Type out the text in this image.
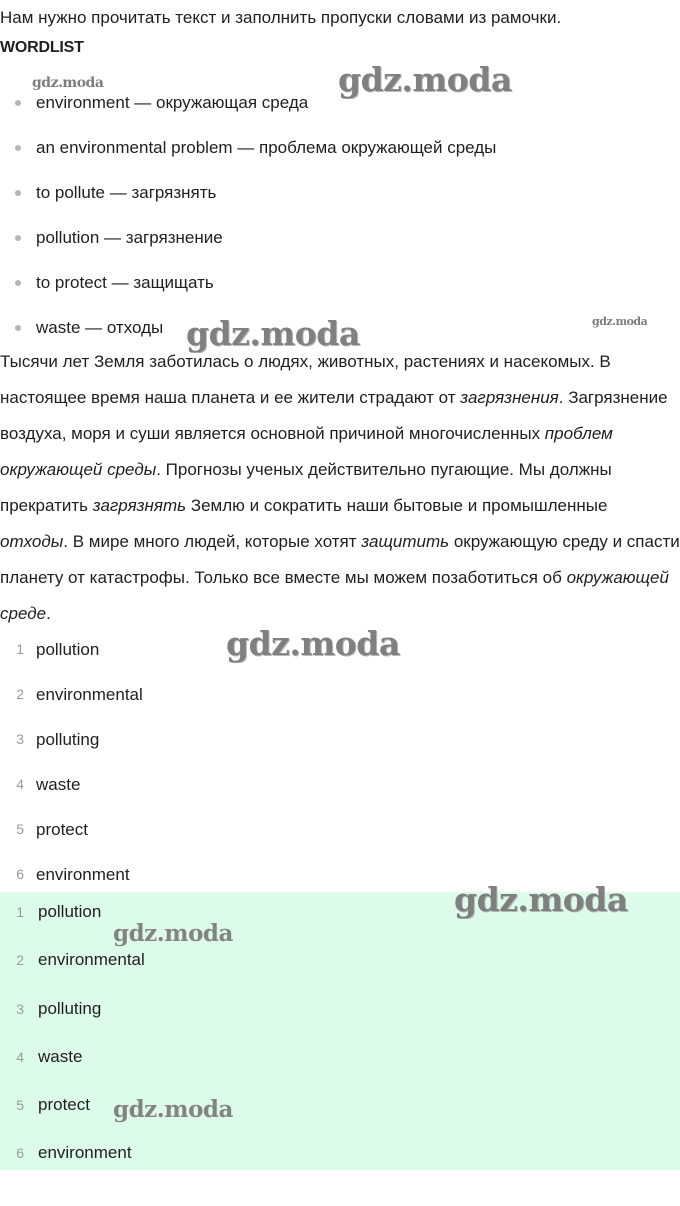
Нам нужно прочитать текст и заполнить пропуски словами из рамочки.

WORDLIST

environment — окружающая среда
an environmental problem — проблема окружающей среды
to pollute — загрязнять
pollution — загрязнение
to protect — защищать
waste — отходы

Тысячи лет Земля заботилась о людях, животных, растениях и насекомых. В настоящее время наша планета и ее жители страдают от загрязнения. Загрязнение воздуха, моря и суши является основной причиной многочисленных проблем окружающей среды. Прогнозы ученых действительно пугающие. Мы должны прекратить загрязнять Землю и сократить наши бытовые и промышленные отходы. В мире много людей, которые хотят защитить окружающую среду и спасти планету от катастрофы. Только все вместе мы можем позаботиться об окружающей среде.

1 pollution
2 environmental
3 polluting
4 waste
5 protect
6 environment
1 pollution
2 environmental
3 polluting
4 waste
5 protect
6 environment
gdz.moda	gdz.moda
gdz.moda
gdz.moda
gdz.moda
gdz.moda
gdz.moda
gdz.moda
